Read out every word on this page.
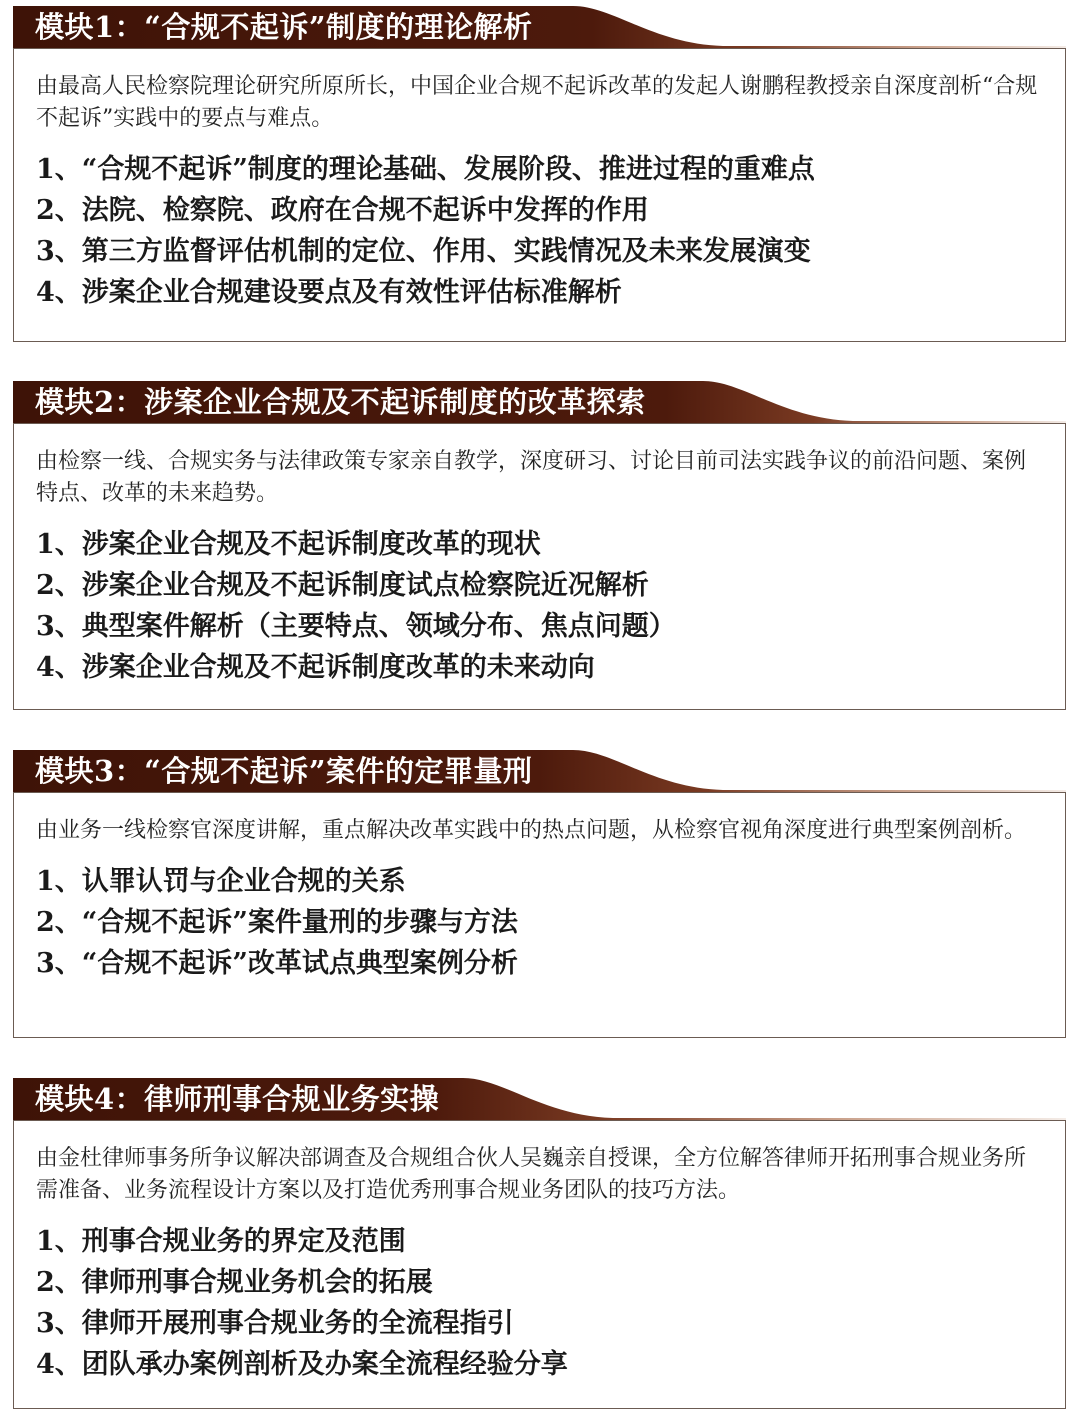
模块1：“合规不起诉”制度的理论解析

由最高人民检察院理论研究所原所长，中国企业合规不起诉改革的发起人谢鹏程教授亲自深度剖析“合规不起诉”实践中的要点与难点。

1、“合规不起诉”制度的理论基础、发展阶段、推进过程的重难点
2、法院、检察院、政府在合规不起诉中发挥的作用
3、第三方监督评估机制的定位、作用、实践情况及未来发展演变
4、涉案企业合规建设要点及有效性评估标准解析
模块2：涉案企业合规及不起诉制度的改革探索

由检察一线、合规实务与法律政策专家亲自教学，深度研习、讨论目前司法实践争议的前沿问题、案例特点、改革的未来趋势。

1、涉案企业合规及不起诉制度改革的现状
2、涉案企业合规及不起诉制度试点检察院近况解析
3、典型案件解析（主要特点、领域分布、焦点问题）
4、涉案企业合规及不起诉制度改革的未来动向
模块3：“合规不起诉”案件的定罪量刑

由业务一线检察官深度讲解，重点解决改革实践中的热点问题，从检察官视角深度进行典型案例剖析。

1、认罪认罚与企业合规的关系
2、“合规不起诉”案件量刑的步骤与方法
3、“合规不起诉”改革试点典型案例分析
模块4：律师刑事合规业务实操

由金杜律师事务所争议解决部调查及合规组合伙人吴巍亲自授课，全方位解答律师开拓刑事合规业务所需准备、业务流程设计方案以及打造优秀刑事合规业务团队的技巧方法。

1、刑事合规业务的界定及范围
2、律师刑事合规业务机会的拓展
3、律师开展刑事合规业务的全流程指引
4、团队承办案例剖析及办案全流程经验分享
